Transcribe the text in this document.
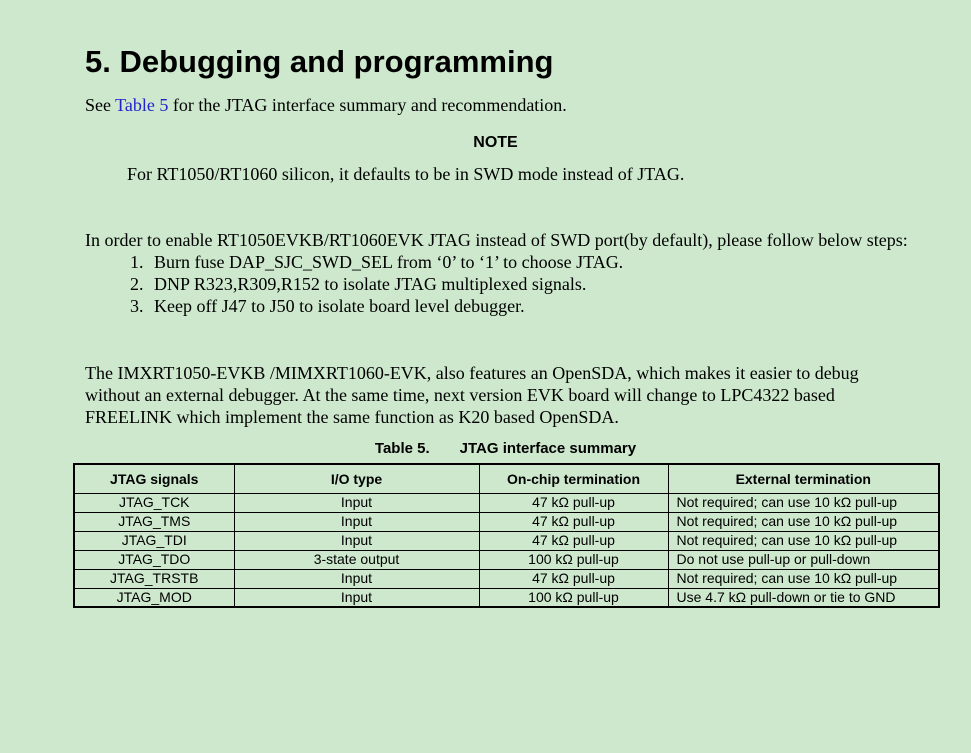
5. Debugging and programming

See Table 5 for the JTAG interface summary and recommendation.

NOTE

For RT1050/RT1060 silicon, it defaults to be in SWD mode instead of JTAG.

In order to enable RT1050EVKB/RT1060EVK JTAG instead of SWD port(by default), please follow below steps:

1. Burn fuse DAP_SJC_SWD_SEL from ‘0’ to ‘1’ to choose JTAG.
2. DNP R323,R309,R152 to isolate JTAG multiplexed signals.
3. Keep off J47 to J50 to isolate board level debugger.

The IMXRT1050-EVKB /MIMXRT1060-EVK, also features an OpenSDA, which makes it easier to debug without an external debugger. At the same time, next version EVK board will change to LPC4322 based FREELINK which implement the same function as K20 based OpenSDA.

Table 5. JTAG interface summary
JTAG signals	I/O type	On-chip termination	External termination
JTAG_TCK	Input	47 kΩ pull-up	Not required; can use 10 kΩ pull-up
JTAG_TMS	Input	47 kΩ pull-up	Not required; can use 10 kΩ pull-up
JTAG_TDI	Input	47 kΩ pull-up	Not required; can use 10 kΩ pull-up
JTAG_TDO	3-state output	100 kΩ pull-up	Do not use pull-up or pull-down
JTAG_TRSTB	Input	47 kΩ pull-up	Not required; can use 10 kΩ pull-up
JTAG_MOD	Input	100 kΩ pull-up	Use 4.7 kΩ pull-down or tie to GND
